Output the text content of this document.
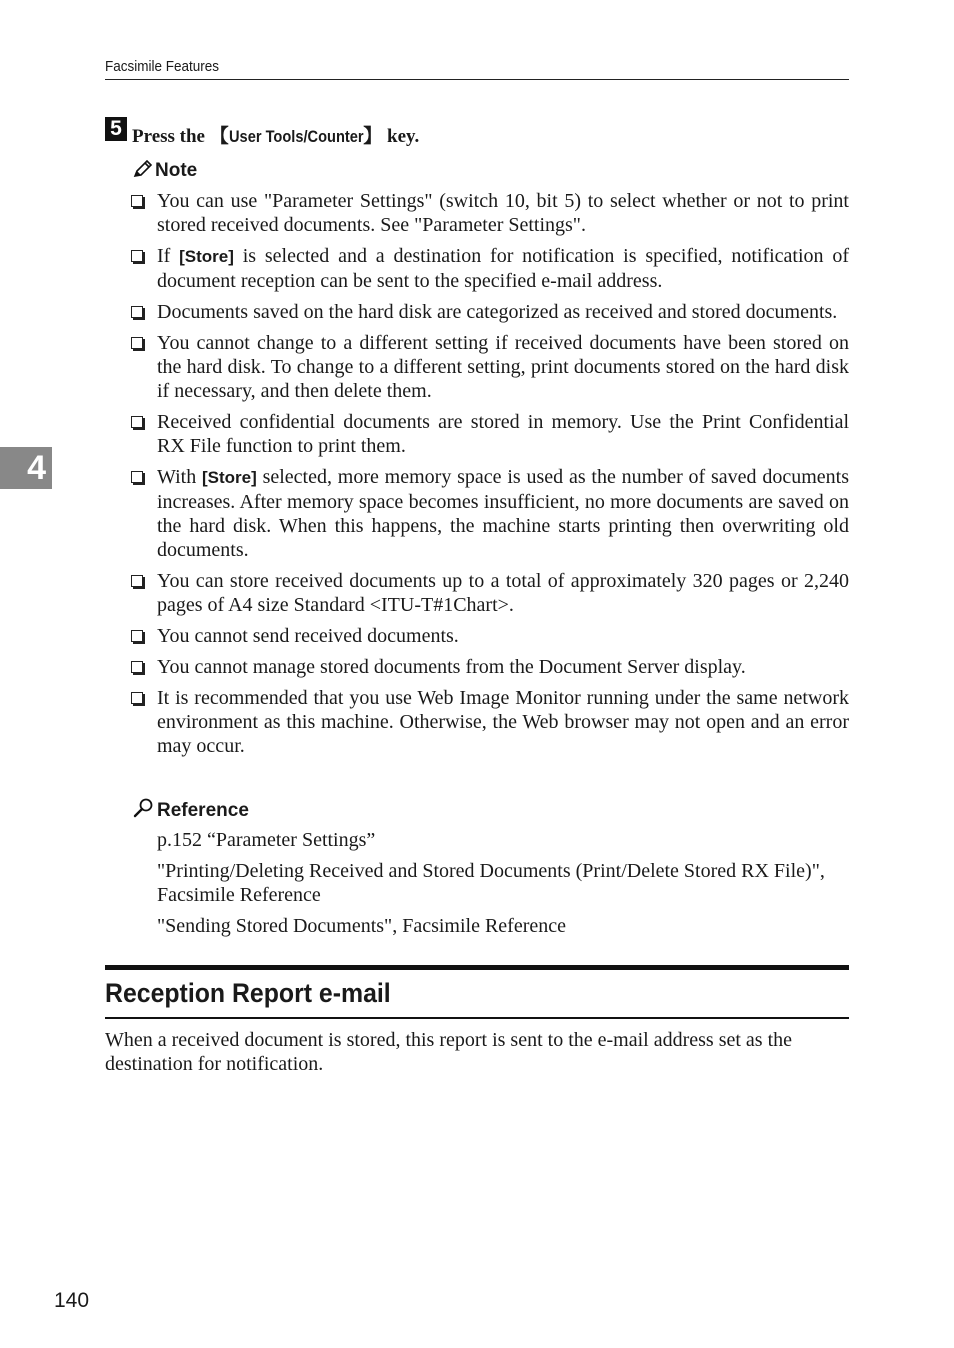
Facsimile Features
4
5 Press the 【User Tools/Counter】 key.
Note
You can use "Parameter Settings" (switch 10, bit 5) to select whether or not to print stored received documents. See "Parameter Settings".
If [Store] is selected and a destination for notification is specified, notification of document reception can be sent to the specified e-mail address.
Documents saved on the hard disk are categorized as received and stored documents.
You cannot change to a different setting if received documents have been stored on the hard disk. To change to a different setting, print documents stored on the hard disk if necessary, and then delete them.
Received confidential documents are stored in memory. Use the Print Confidential RX File function to print them.
With [Store] selected, more memory space is used as the number of saved documents increases. After memory space becomes insufficient, no more documents are saved on the hard disk. When this happens, the machine starts printing then overwriting old documents.
You can store received documents up to a total of approximately 320 pages or 2,240 pages of A4 size Standard <ITU-T#1Chart>.
You cannot send received documents.
You cannot manage stored documents from the Document Server display.
It is recommended that you use Web Image Monitor running under the same network environment as this machine. Otherwise, the Web browser may not open and an error may occur.
Reference

p.152 “Parameter Settings”

"Printing/Deleting Received and Stored Documents (Print/Delete Stored RX File)", Facsimile Reference

"Sending Stored Documents", Facsimile Reference

Reception Report e-mail

When a received document is stored, this report is sent to the e-mail address set as the destination for notification.

140
